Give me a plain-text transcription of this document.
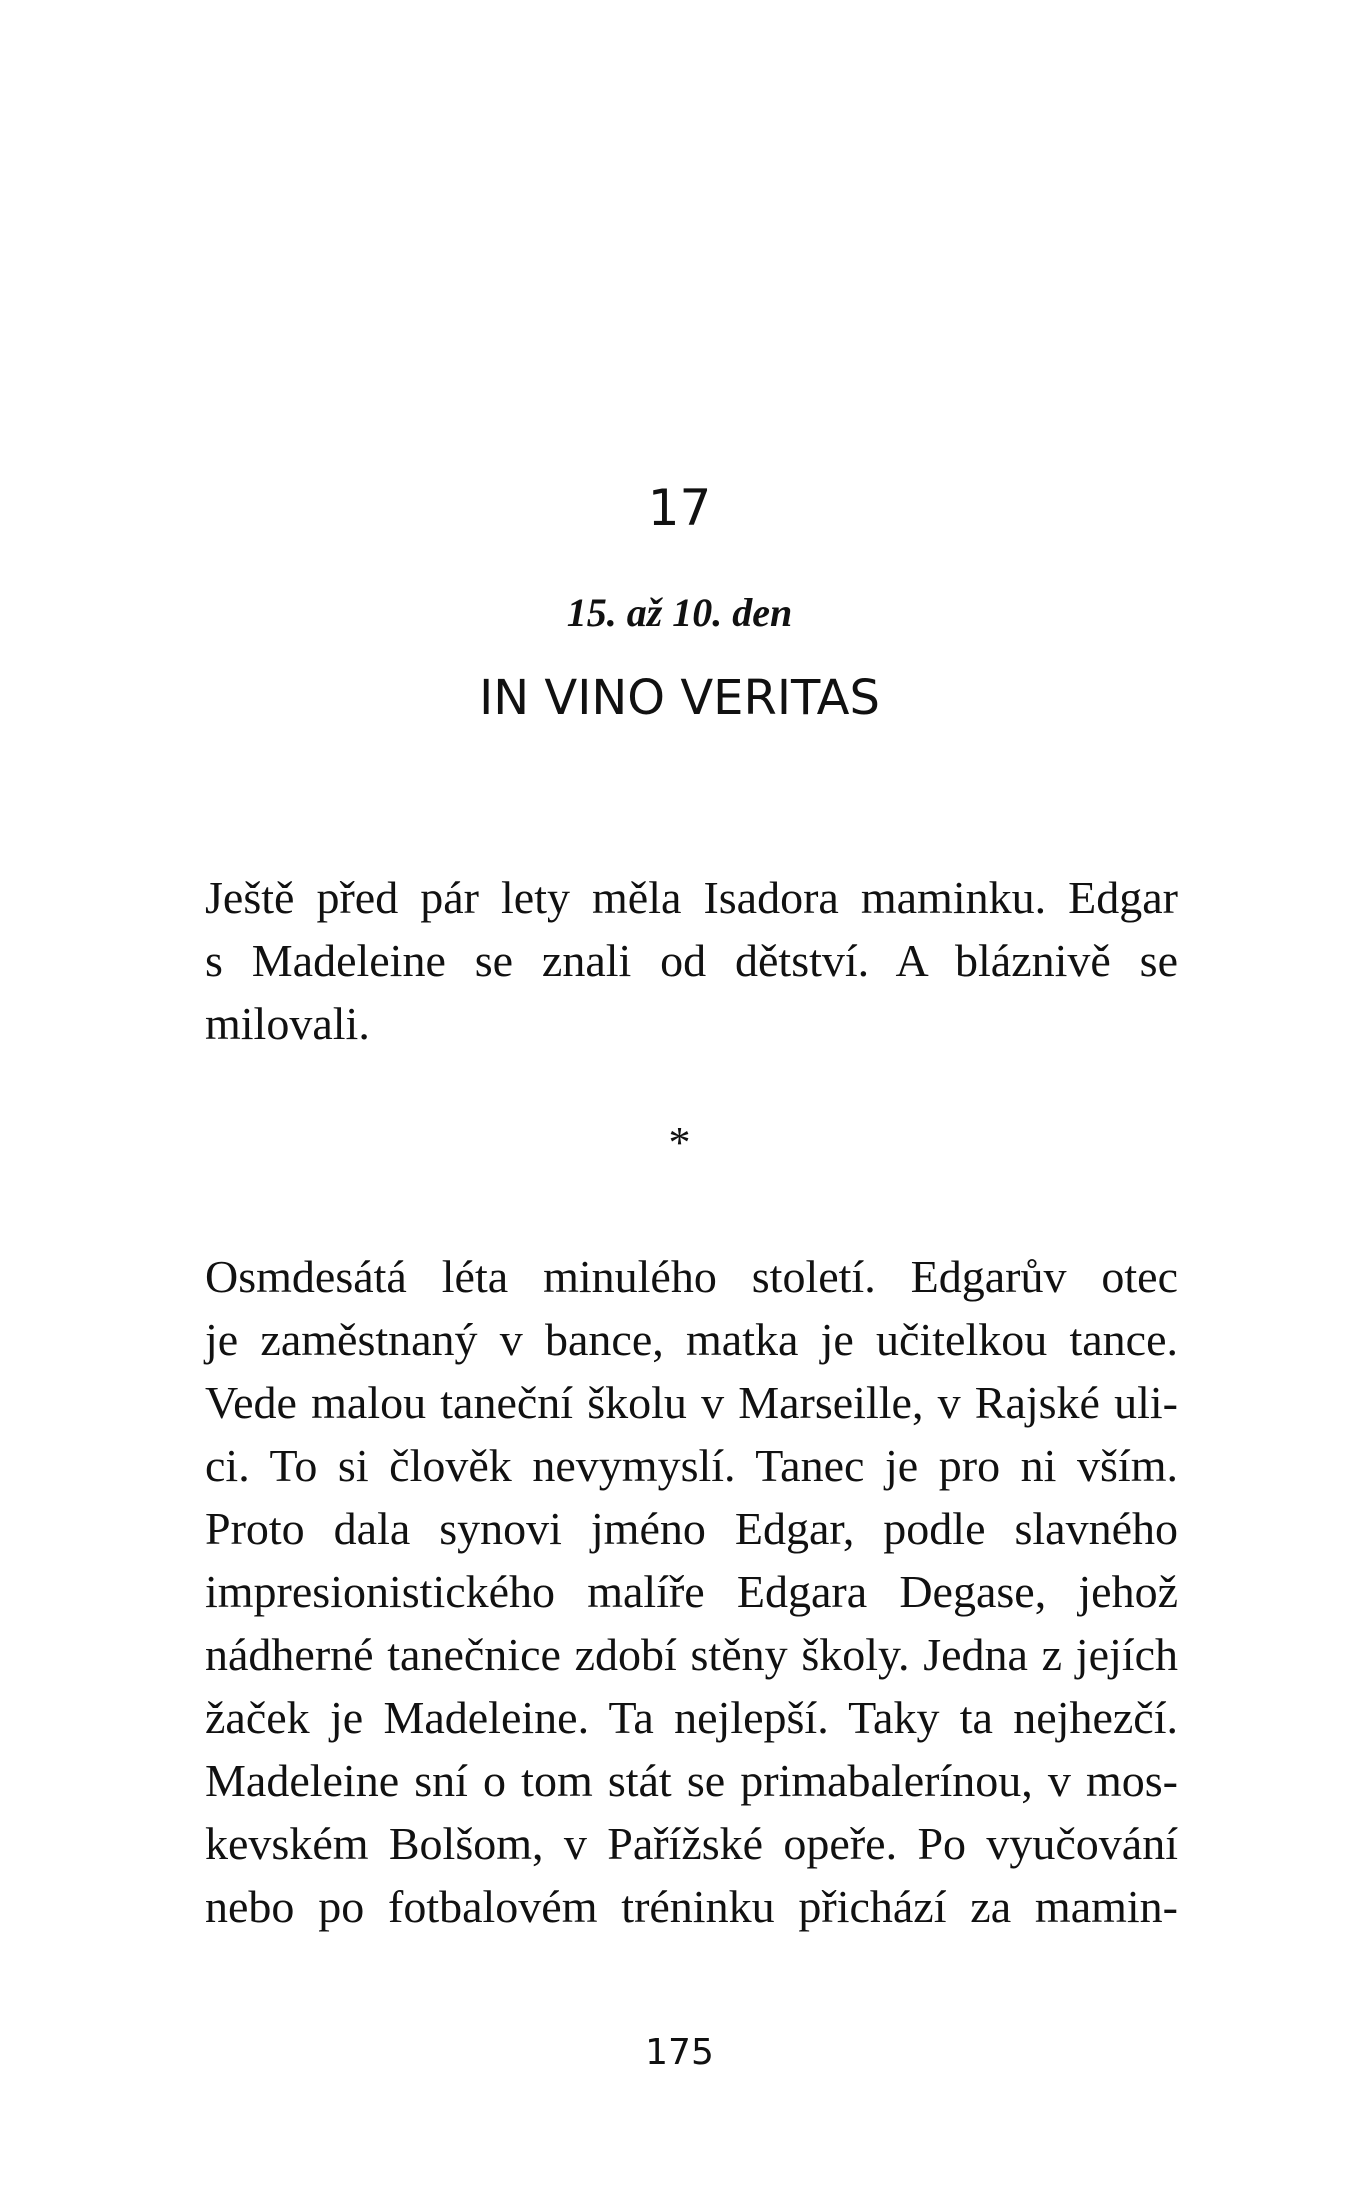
17
15. až 10. den
IN VINO VERITAS
Ještě před pár lety měla Isadora maminku. Edgar
s Madeleine se znali od dětství. A bláznivě se
milovali.
*
Osmdesátá léta minulého století. Edgarův otec
je zaměstnaný v bance, matka je učitelkou tance.
Vede malou taneční školu v Marseille, v Rajské uli-
ci. To si člověk nevymyslí. Tanec je pro ni vším.
Proto dala synovi jméno Edgar, podle slavného
impresionistického malíře Edgara Degase, jehož
nádherné tanečnice zdobí stěny školy. Jedna z jejích
žaček je Madeleine. Ta nejlepší. Taky ta nejhezčí.
Madeleine sní o tom stát se primabalerínou, v mos-
kevském Bolšom, v Pařížské opeře. Po vyučování
nebo po fotbalovém tréninku přichází za mamin-
175
